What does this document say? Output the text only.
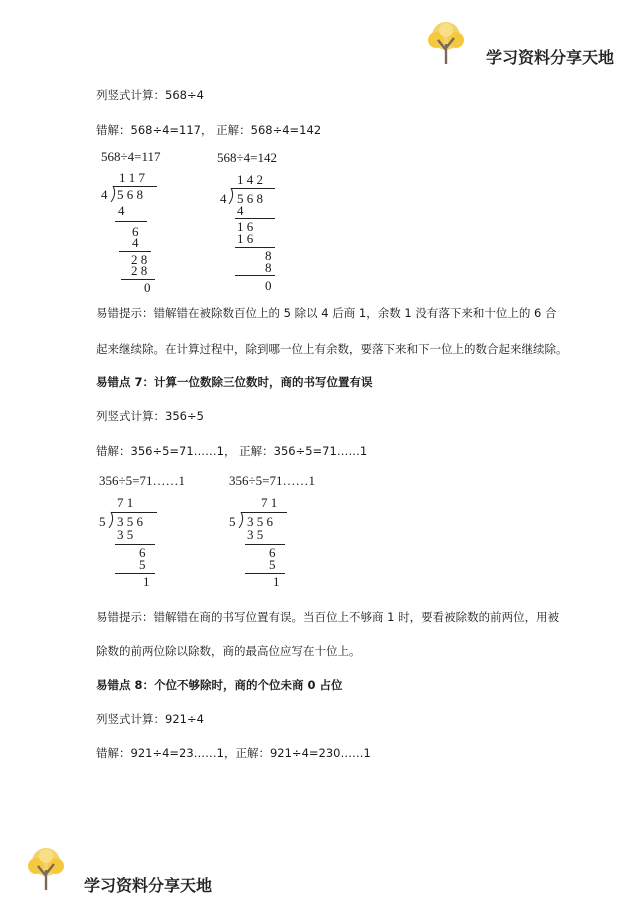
学习资料分享天地
列竖式计算：568÷4
错解：568÷4=117， 正解：568÷4=142
568÷4=117
1 1 7
4 5 6 8
4
6
4
2 8
2 8
0
568÷4=142
1 4 2
4 5 6 8
4
1 6
1 6
8
8
0
易错提示：错解错在被除数百位上的 5 除以 4 后商 1，余数 1 没有落下来和十位上的 6 合
起来继续除。在计算过程中，除到哪一位上有余数，要落下来和下一位上的数合起来继续除。
易错点 7：计算一位数除三位数时，商的书写位置有误
列竖式计算：356÷5
错解：356÷5=71……1， 正解：356÷5=71……1
356÷5=71……1
7 1
5 3 5 6
3 5
6
5
1
356÷5=71……1
7 1
5 3 5 6
3 5
6
5
1
易错提示：错解错在商的书写位置有误。当百位上不够商 1 时，要看被除数的前两位，用被
除数的前两位除以除数，商的最高位应写在十位上。
易错点 8：个位不够除时，商的个位未商 0 占位
列竖式计算：921÷4
错解：921÷4=23……1，正解：921÷4=230……1
学习资料分享天地
